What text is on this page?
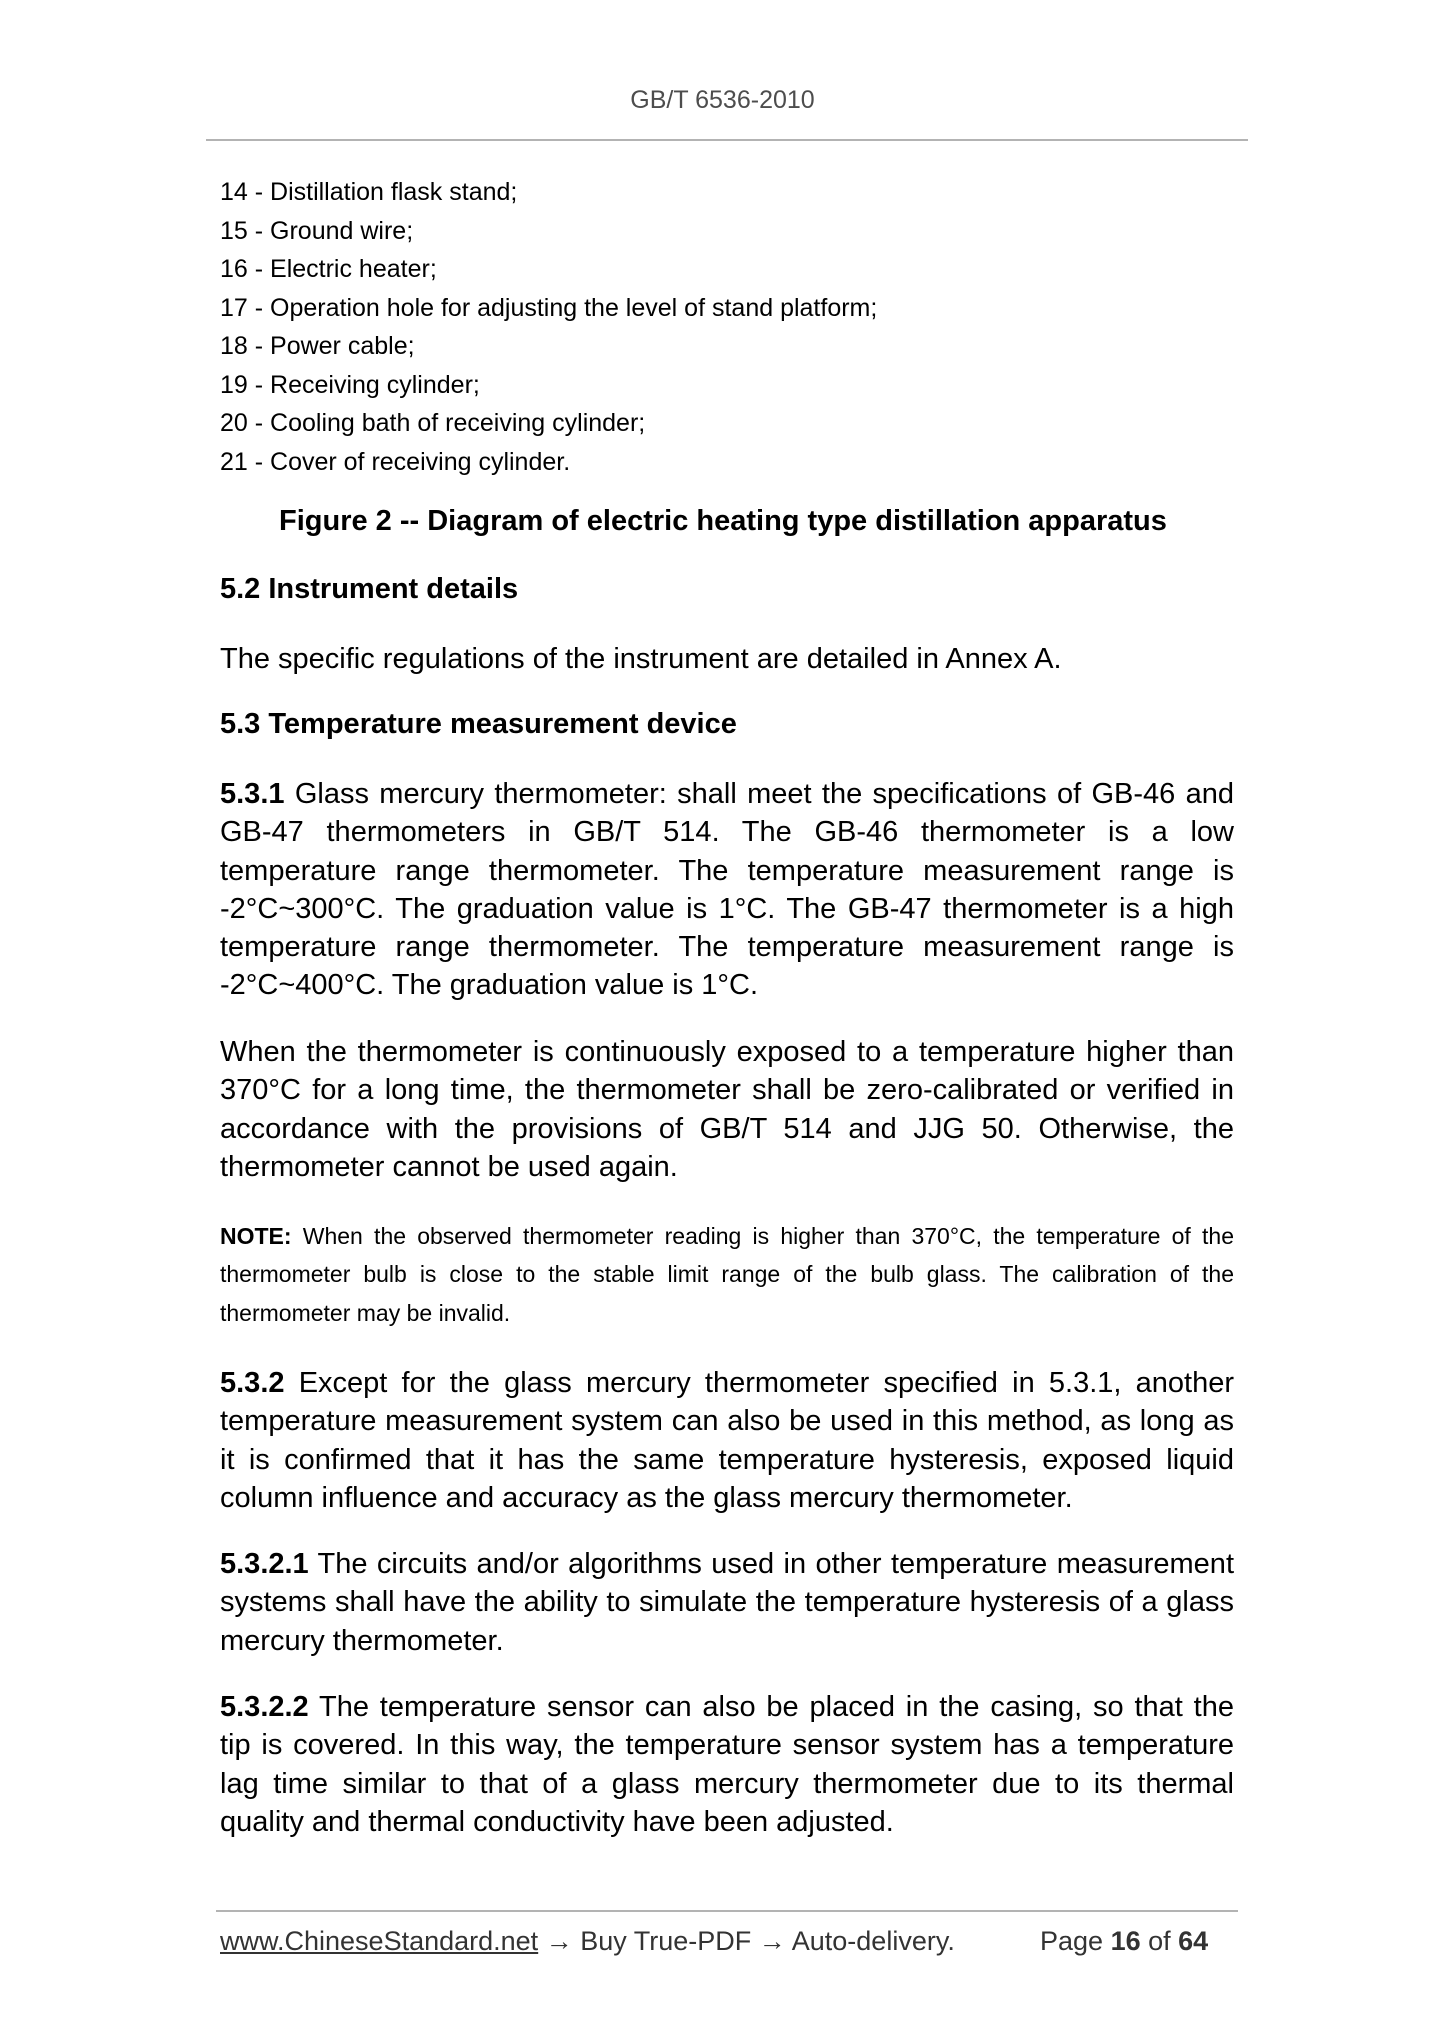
GB/T 6536-2010
14 - Distillation flask stand;
15 - Ground wire;
16 - Electric heater;
17 - Operation hole for adjusting the level of stand platform;
18 - Power cable;
19 - Receiving cylinder;
20 - Cooling bath of receiving cylinder;
21 - Cover of receiving cylinder.
Figure 2 -- Diagram of electric heating type distillation apparatus
5.2 Instrument details
The specific regulations of the instrument are detailed in Annex A.
5.3 Temperature measurement device
5.3.1 Glass mercury thermometer: shall meet the specifications of GB-46 and GB-47 thermometers in GB/T 514. The GB-46 thermometer is a low temperature range thermometer. The temperature measurement range is -2°C~300°C. The graduation value is 1°C. The GB-47 thermometer is a high temperature range thermometer. The temperature measurement range is -2°C~400°C. The graduation value is 1°C.
When the thermometer is continuously exposed to a temperature higher than 370°C for a long time, the thermometer shall be zero-calibrated or verified in accordance with the provisions of GB/T 514 and JJG 50. Otherwise, the thermometer cannot be used again.
NOTE: When the observed thermometer reading is higher than 370°C, the temperature of the thermometer bulb is close to the stable limit range of the bulb glass. The calibration of the thermometer may be invalid.
5.3.2 Except for the glass mercury thermometer specified in 5.3.1, another temperature measurement system can also be used in this method, as long as it is confirmed that it has the same temperature hysteresis, exposed liquid column influence and accuracy as the glass mercury thermometer.
5.3.2.1 The circuits and/or algorithms used in other temperature measurement systems shall have the ability to simulate the temperature hysteresis of a glass mercury thermometer.
5.3.2.2 The temperature sensor can also be placed in the casing, so that the tip is covered. In this way, the temperature sensor system has a temperature lag time similar to that of a glass mercury thermometer due to its thermal quality and thermal conductivity have been adjusted.
www.ChineseStandard.net → Buy True-PDF → Auto-delivery.	Page 16 of 64
